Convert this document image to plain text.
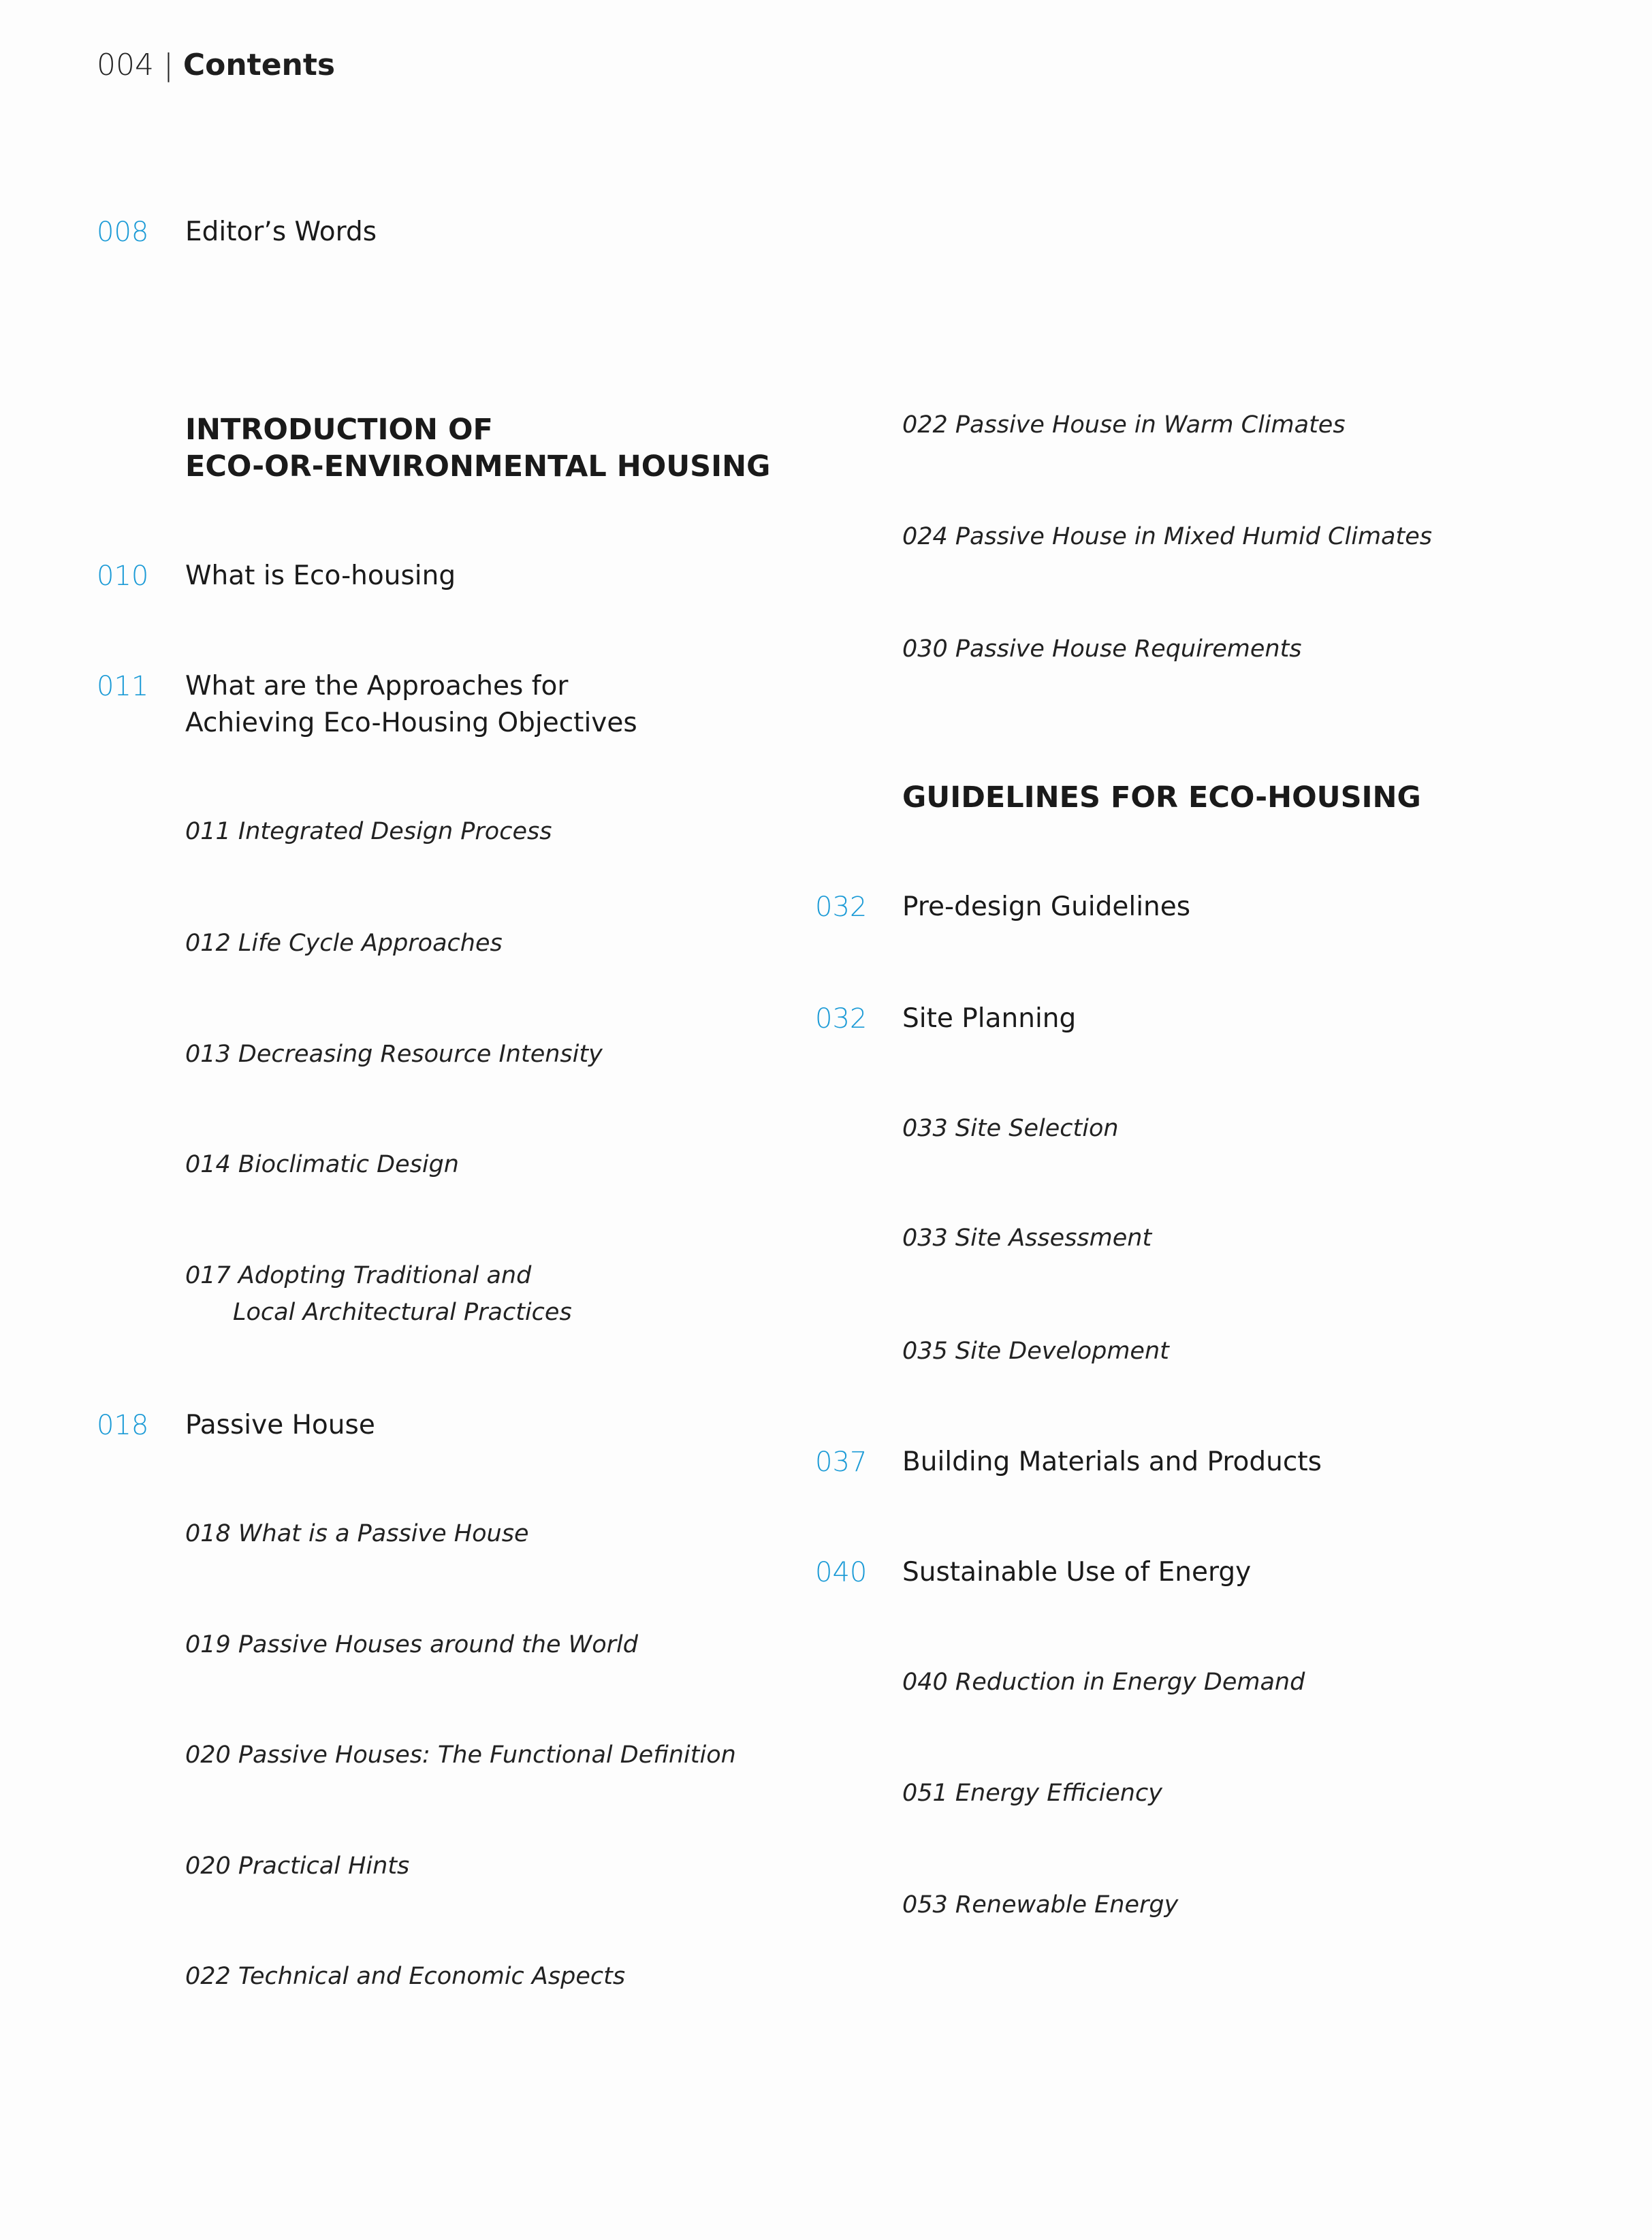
004 | Contents
008 Editor’s Words
INTRODUCTION OF
ECO-OR-ENVIRONMENTAL HOUSING
010 What is Eco-housing
011 What are the Approaches for
Achieving Eco-Housing Objectives
011 Integrated Design Process
012 Life Cycle Approaches
013 Decreasing Resource Intensity
014 Bioclimatic Design
017 Adopting Traditional and
Local Architectural Practices
018 Passive House
018 What is a Passive House
019 Passive Houses around the World
020 Passive Houses: The Functional Definition
020 Practical Hints
022 Technical and Economic Aspects
022 Passive House in Warm Climates
024 Passive House in Mixed Humid Climates
030 Passive House Requirements
GUIDELINES FOR ECO-HOUSING
032 Pre-design Guidelines
032 Site Planning
033 Site Selection
033 Site Assessment
035 Site Development
037 Building Materials and Products
040 Sustainable Use of Energy
040 Reduction in Energy Demand
051 Energy Efficiency
053 Renewable Energy
